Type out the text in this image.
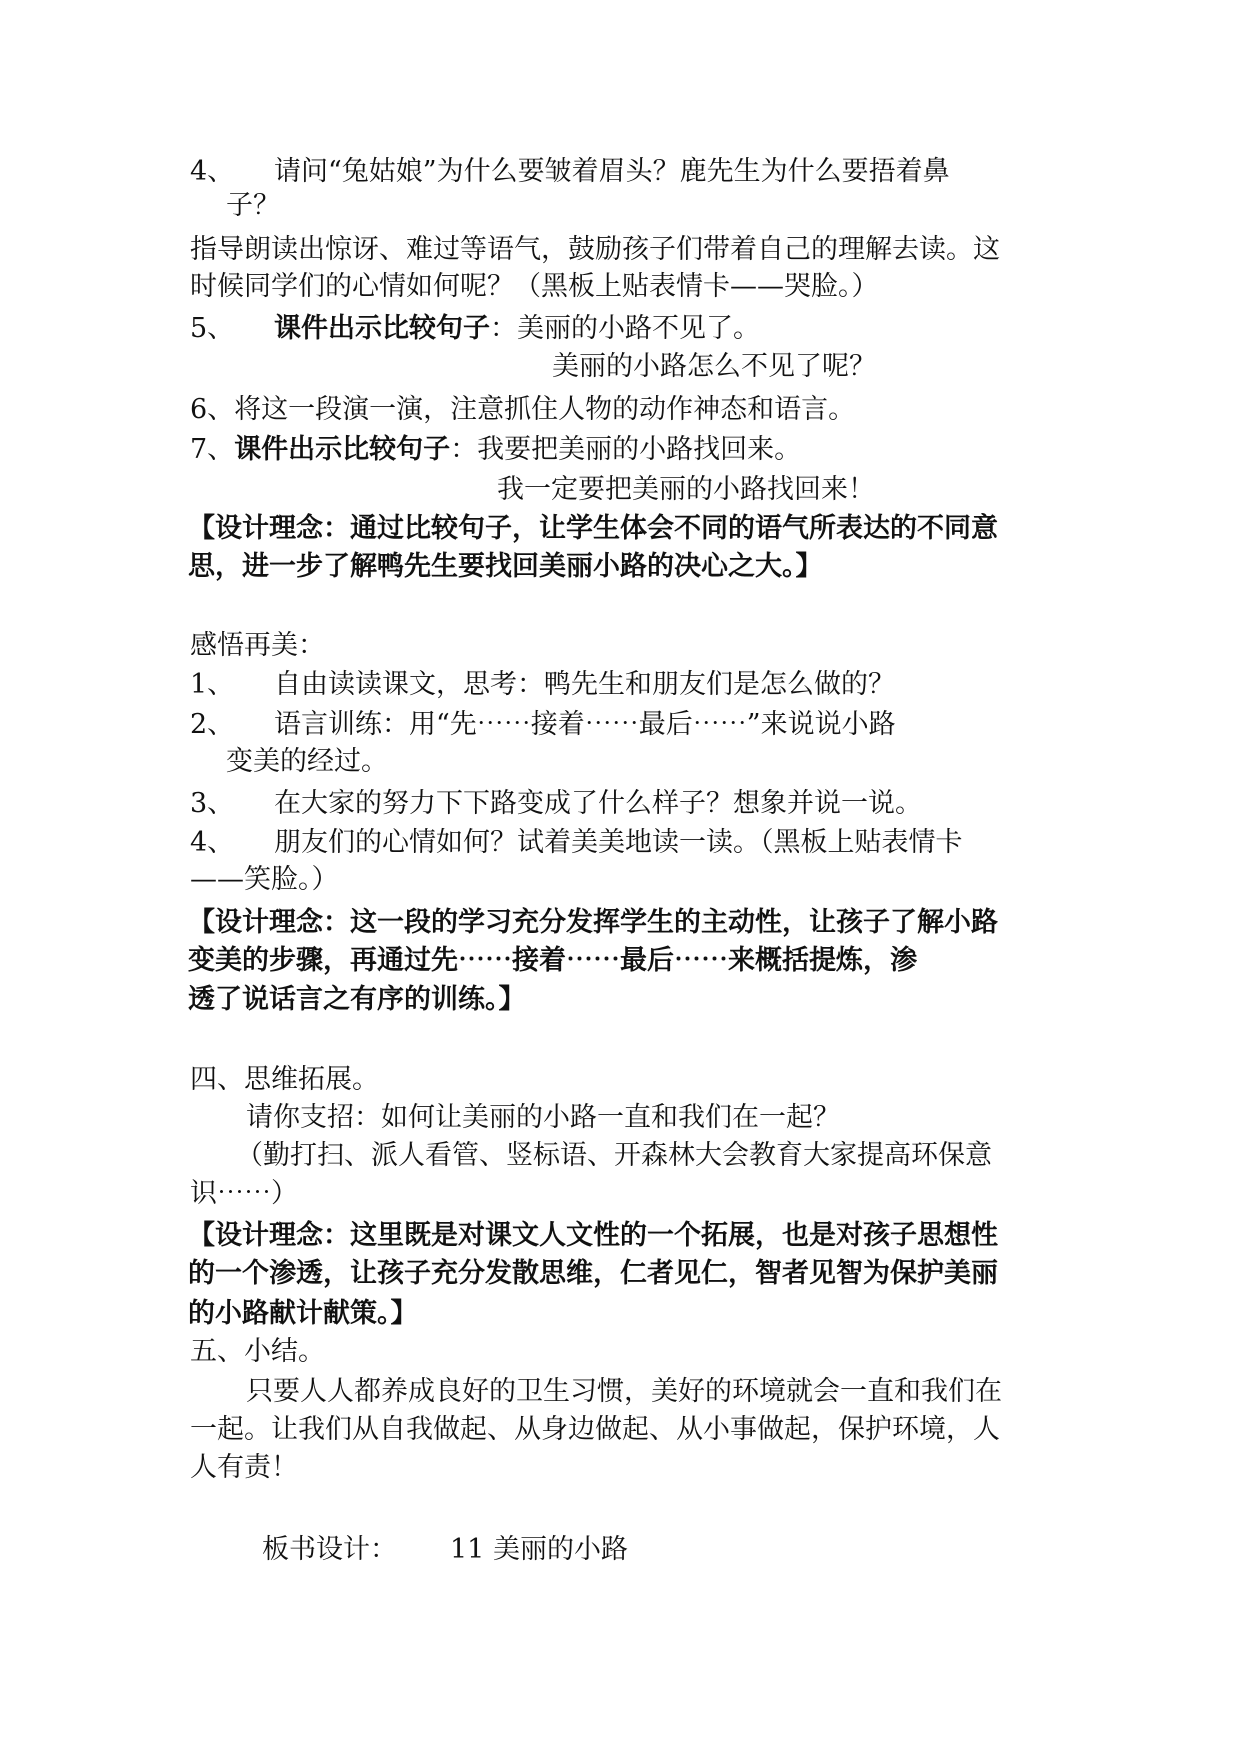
4、 请问“兔姑娘”为什么要皱着眉头？鹿先生为什么要捂着鼻
子？
指导朗读出惊讶、难过等语气，鼓励孩子们带着自己的理解去读。这
时候同学们的心情如何呢？（黑板上贴表情卡——哭脸。）
5、 课件出示比较句子：美丽的小路不见了。
美丽的小路怎么不见了呢？
6、将这一段演一演，注意抓住人物的动作神态和语言。
7、课件出示比较句子：我要把美丽的小路找回来。
我一定要把美丽的小路找回来！
【设计理念：通过比较句子，让学生体会不同的语气所表达的不同意
思，进一步了解鸭先生要找回美丽小路的决心之大。】
感悟再美：
1、 自由读读课文，思考：鸭先生和朋友们是怎么做的？
2、 语言训练：用“先⋯⋯接着⋯⋯最后⋯⋯”来说说小路
变美的经过。
3、 在大家的努力下下路变成了什么样子？想象并说一说。
4、 朋友们的心情如何？试着美美地读一读。（黑板上贴表情卡
——笑脸。）
【设计理念：这一段的学习充分发挥学生的主动性，让孩子了解小路
变美的步骤，再通过先⋯⋯接着⋯⋯最后⋯⋯来概括提炼，渗
透了说话言之有序的训练。】
四、思维拓展。
请你支招：如何让美丽的小路一直和我们在一起？
（勤打扫、派人看管、竖标语、开森林大会教育大家提高环保意
识⋯⋯）
【设计理念：这里既是对课文人文性的一个拓展，也是对孩子思想性
的一个渗透，让孩子充分发散思维，仁者见仁，智者见智为保护美丽
的小路献计献策。】
五、小结。
只要人人都养成良好的卫生习惯，美好的环境就会一直和我们在
一起。让我们从自我做起、从身边做起、从小事做起，保护环境，人
人有责！
板书设计： 11 美丽的小路
